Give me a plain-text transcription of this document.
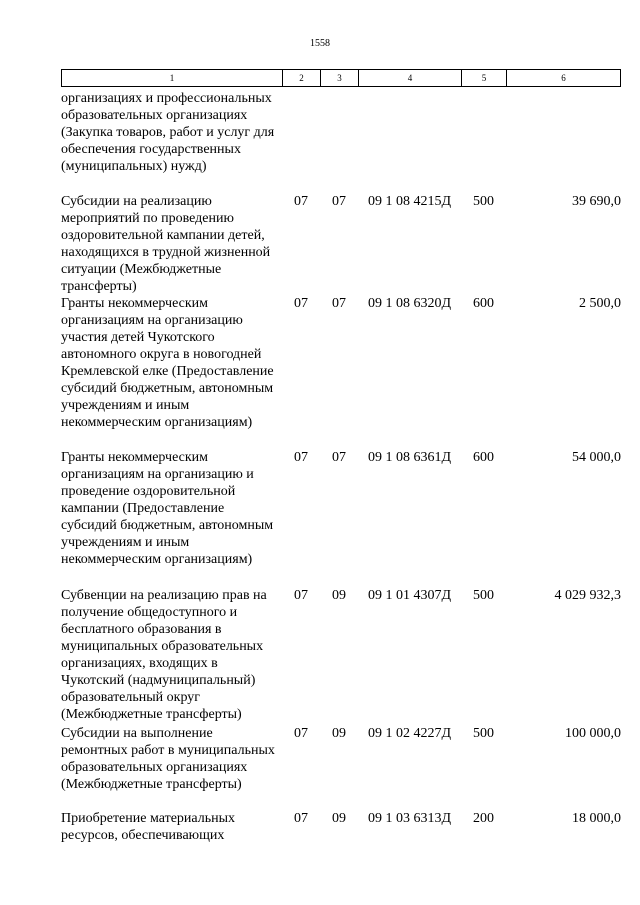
1558
1	2	3	4	5	6
организациях и профессиональных образовательных организациях (Закупка товаров, работ и услуг для обеспечения государственных (муниципальных) нужд)					
Субсидии на реализацию мероприятий по проведению оздоровительной кампании детей, находящихся в трудной жизненной ситуации (Межбюджетные трансферты)	07	07	09 1 08 4215Д	500	39 690,0
Гранты некоммерческим организациям на организацию участия детей Чукотского автономного округа в новогодней Кремлевской елке (Предоставление субсидий бюджетным, автономным учреждениям и иным некоммерческим организациям)	07	07	09 1 08 6320Д	600	2 500,0
Гранты некоммерческим организациям на организацию и проведение оздоровительной кампании (Предоставление субсидий бюджетным, автономным учреждениям и иным некоммерческим организациям)	07	07	09 1 08 6361Д	600	54 000,0
Субвенции на реализацию прав на получение общедоступного и бесплатного образования в муниципальных образовательных организациях, входящих в Чукотский (надмуниципальный) образовательный округ (Межбюджетные трансферты)	07	09	09 1 01 4307Д	500	4 029 932,3
Субсидии на выполнение ремонтных работ в муниципальных образовательных организациях (Межбюджетные трансферты)	07	09	09 1 02 4227Д	500	100 000,0
Приобретение материальных ресурсов, обеспечивающих	07	09	09 1 03 6313Д	200	18 000,0
